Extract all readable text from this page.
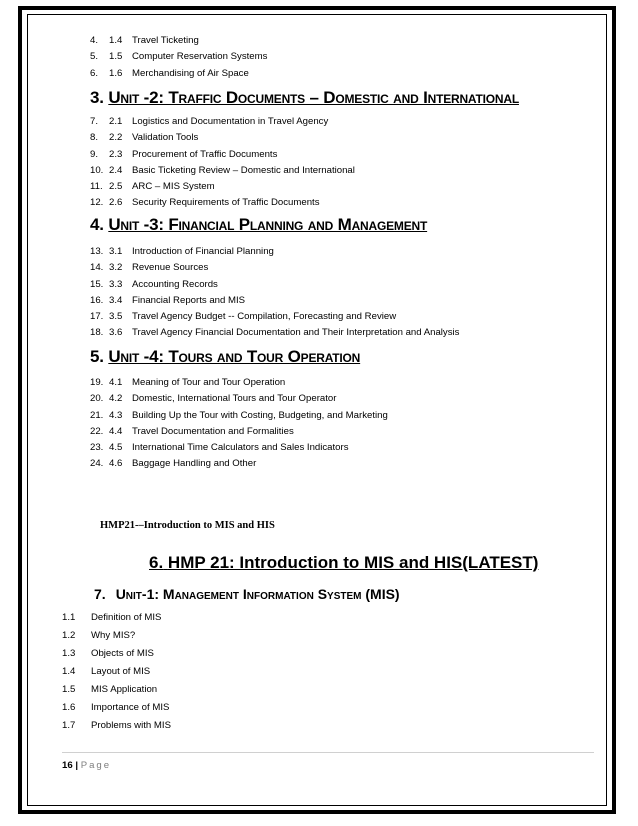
4.	1.4	Travel Ticketing
5.	1.5	Computer Reservation Systems
6.	1.6	Merchandising of Air Space
3. Unit -2: Traffic Documents – Domestic and International
7.	2.1	Logistics and Documentation in Travel Agency
8.	2.2	Validation Tools
9.	2.3	Procurement of Traffic Documents
10. 2.4	Basic Ticketing Review – Domestic and International
11. 2.5	ARC – MIS System
12. 2.6	Security Requirements of Traffic Documents
4. Unit -3: Financial Planning and Management
13. 3.1	Introduction of Financial Planning
14. 3.2	Revenue Sources
15. 3.3	Accounting Records
16. 3.4	Financial Reports and MIS
17. 3.5	Travel Agency Budget -- Compilation, Forecasting and Review
18. 3.6	Travel Agency Financial Documentation and Their Interpretation and Analysis
5. Unit -4: Tours and Tour Operation
19. 4.1	Meaning of Tour and Tour Operation
20. 4.2	Domestic, International Tours and Tour Operator
21. 4.3	Building Up the Tour with Costing, Budgeting, and Marketing
22. 4.4	Travel Documentation and Formalities
23. 4.5	International Time Calculators and Sales Indicators
24. 4.6	Baggage Handling and Other
HMP21-–Introduction to MIS and HIS
6. HMP 21: Introduction to MIS and HIS(LATEST)
7. Unit-1: Management Information System (MIS)
1.1	Definition of MIS
1.2	Why MIS?
1.3	Objects of MIS
1.4	Layout of MIS
1.5	MIS Application
1.6	Importance of MIS
1.7	Problems with MIS
16 | Page
